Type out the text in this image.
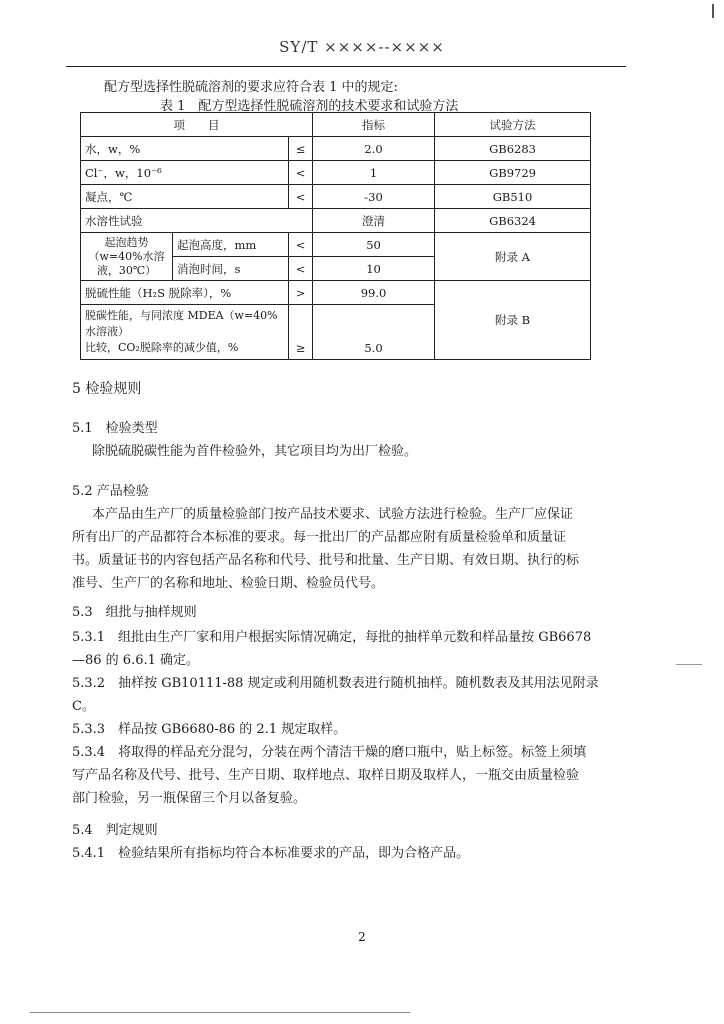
SY/T ××××--××××
配方型选择性脱硫溶剂的要求应符合表 1 中的规定:
表 1　配方型选择性脱硫溶剂的技术要求和试验方法
项　　目			指标	试验方法
水，w，%		≤	2.0	GB6283
Cl⁻，w，10⁻⁶		<	1	GB9729
凝点，℃		<	-30	GB510
水溶性试验			澄清	GB6324

起泡趋势
（w=40%水溶
液，30℃）	起泡高度，mm	<	50	附录 A
	消泡时间，s	<	10	
脱硫性能（H₂S 脱除率），%		>	99.0	附录 B

脱碳性能，与同浓度 MDEA（w=40%水溶液）
比较，CO₂脱除率的减少值，%		≥	5.0	
5 检验规则
5.1　检验类型
除脱硫脱碳性能为首件检验外，其它项目均为出厂检验。
5.2 产品检验
本产品由生产厂的质量检验部门按产品技术要求、试验方法进行检验。生产厂应保证
所有出厂的产品都符合本标准的要求。每一批出厂的产品都应附有质量检验单和质量证
书。质量证书的内容包括产品名称和代号、批号和批量、生产日期、有效日期、执行的标
准号、生产厂的名称和地址、检验日期、检验员代号。
5.3　组批与抽样规则
5.3.1　组批由生产厂家和用户根据实际情况确定，每批的抽样单元数和样品量按 GB6678
—86 的 6.6.1 确定。
5.3.2　抽样按 GB10111-88 规定或利用随机数表进行随机抽样。随机数表及其用法见附录
C。
5.3.3　样品按 GB6680-86 的 2.1 规定取样。
5.3.4　将取得的样品充分混匀，分装在两个清洁干燥的磨口瓶中，贴上标签。标签上须填
写产品名称及代号、批号、生产日期、取样地点、取样日期及取样人，一瓶交由质量检验
部门检验，另一瓶保留三个月以备复验。
5.4　判定规则
5.4.1　检验结果所有指标均符合本标准要求的产品，即为合格产品。
2
